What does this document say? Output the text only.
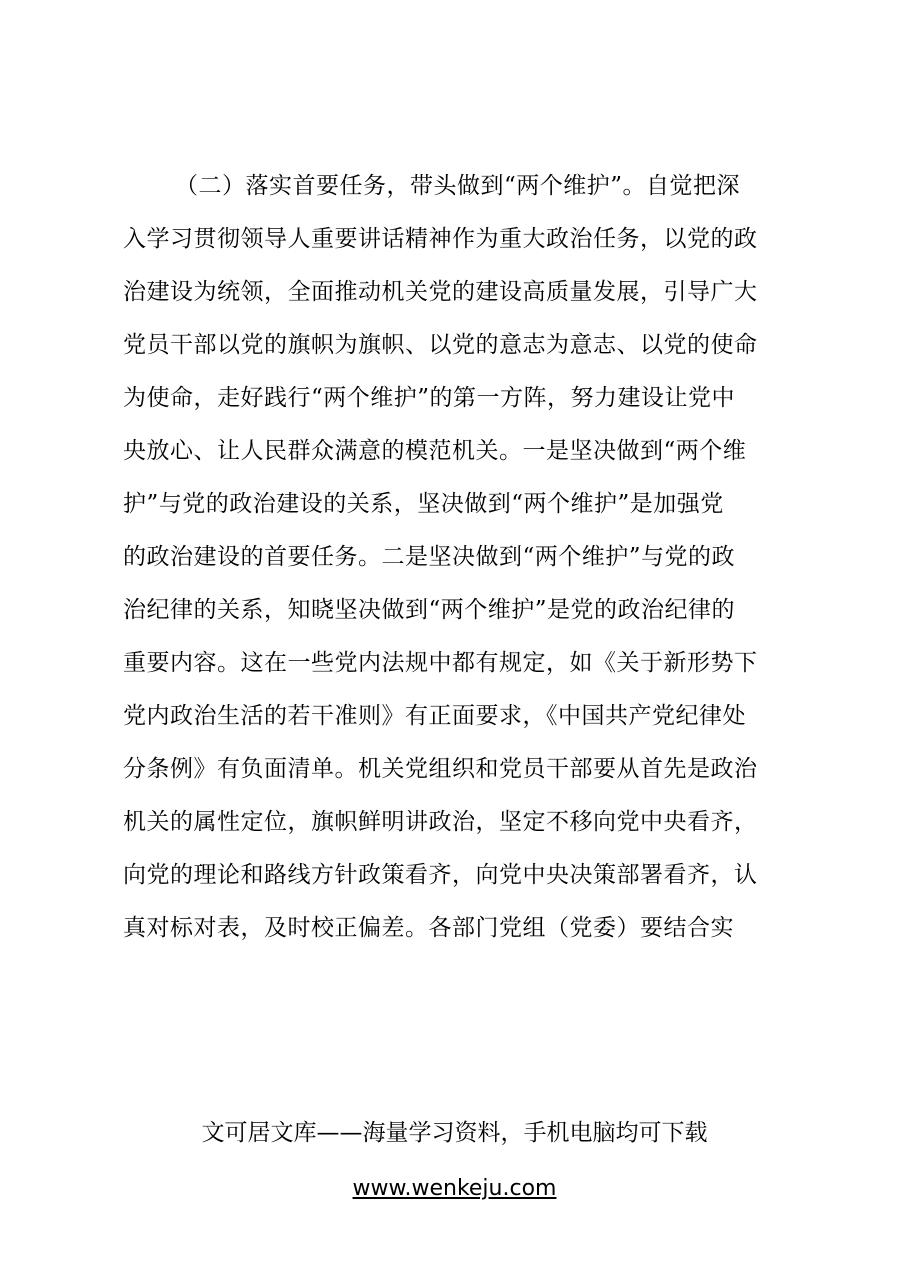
（二）落实首要任务，带头做到“两个维护”。自觉把深
入学习贯彻领导人重要讲话精神作为重大政治任务，以党的政
治建设为统领，全面推动机关党的建设高质量发展，引导广大
党员干部以党的旗帜为旗帜、以党的意志为意志、以党的使命
为使命，走好践行“两个维护”的第一方阵，努力建设让党中
央放心、让人民群众满意的模范机关。一是坚决做到“两个维
护”与党的政治建设的关系，坚决做到“两个维护”是加强党
的政治建设的首要任务。二是坚决做到“两个维护”与党的政
治纪律的关系，知晓坚决做到“两个维护”是党的政治纪律的
重要内容。这在一些党内法规中都有规定，如《关于新形势下
党内政治生活的若干准则》有正面要求，《中国共产党纪律处
分条例》有负面清单。机关党组织和党员干部要从首先是政治
机关的属性定位，旗帜鲜明讲政治，坚定不移向党中央看齐，
向党的理论和路线方针政策看齐，向党中央决策部署看齐，认
真对标对表，及时校正偏差。各部门党组（党委）要结合实
文可居文库——海量学习资料，手机电脑均可下载
www.wenkeju.com
